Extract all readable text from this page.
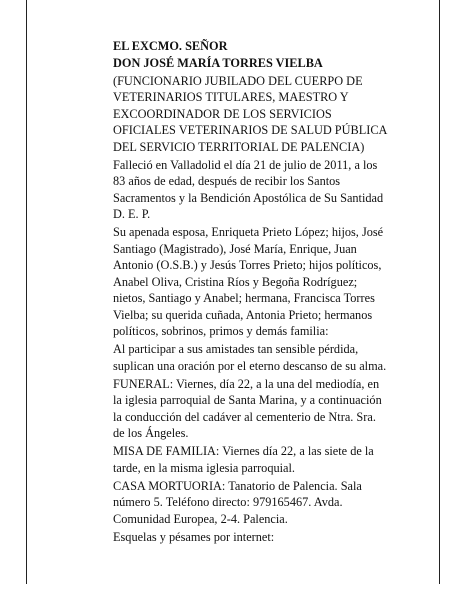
EL EXCMO. SEÑOR
DON JOSÉ MARÍA TORRES VIELBA
(FUNCIONARIO JUBILADO DEL CUERPO DE
VETERINARIOS TITULARES, MAESTRO Y
EXCOORDINADOR DE LOS SERVICIOS
OFICIALES VETERINARIOS DE SALUD PÚBLICA
DEL SERVICIO TERRITORIAL DE PALENCIA)
Falleció en Valladolid el día 21 de julio de 2011, a los
83 años de edad, después de recibir los Santos
Sacramentos y la Bendición Apostólica de Su Santidad
D. E. P.
Su apenada esposa, Enriqueta Prieto López; hijos, José
Santiago (Magistrado), José María, Enrique, Juan
Antonio (O.S.B.) y Jesús Torres Prieto; hijos políticos,
Anabel Oliva, Cristina Ríos y Begoña Rodríguez;
nietos, Santiago y Anabel; hermana, Francisca Torres
Vielba; su querida cuñada, Antonia Prieto; hermanos
políticos, sobrinos, primos y demás familia:
Al participar a sus amistades tan sensible pérdida,
suplican una oración por el eterno descanso de su alma.
FUNERAL: Viernes, día 22, a la una del mediodía, en
la iglesia parroquial de Santa Marina, y a continuación
la conducción del cadáver al cementerio de Ntra. Sra.
de los Ángeles.
MISA DE FAMILIA: Viernes día 22, a las siete de la
tarde, en la misma iglesia parroquial.
CASA MORTUORIA: Tanatorio de Palencia. Sala
número 5. Teléfono directo: 979165467. Avda.
Comunidad Europea, 2-4. Palencia.
Esquelas y pésames por internet:
